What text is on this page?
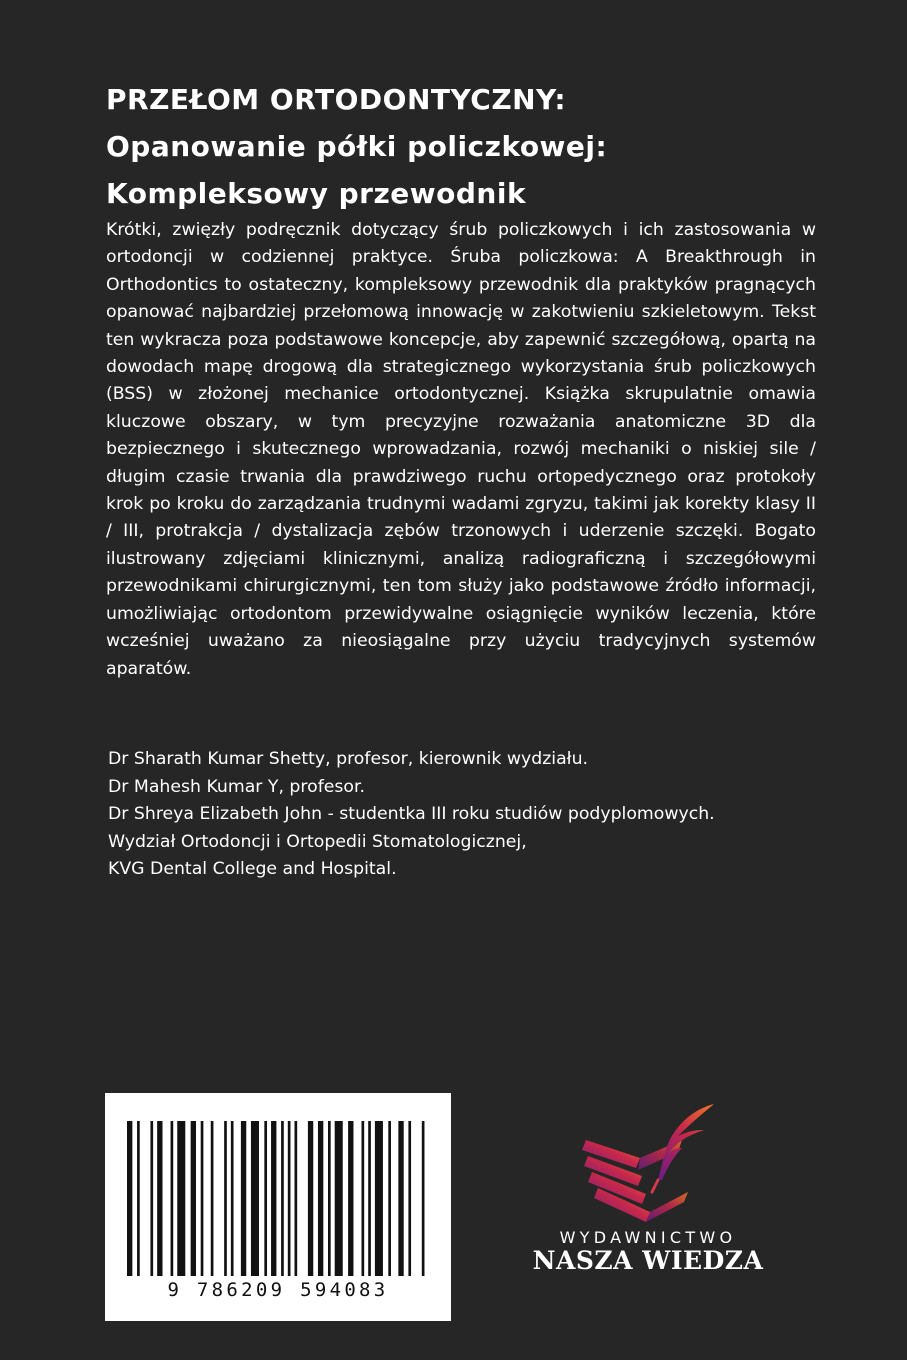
PRZEŁOM ORTODONTYCZNY:
Opanowanie półki policzkowej:
Kompleksowy przewodnik
Krótki, zwięzły podręcznik dotyczący śrub policzkowych i ich zastosowania w ortodoncji w codziennej praktyce. Śruba policzkowa: A Breakthrough in Orthodontics to ostateczny, kompleksowy przewodnik dla praktyków pragnących opanować najbardziej przełomową innowację w zakotwieniu szkieletowym. Tekst ten wykracza poza podstawowe koncepcje, aby zapewnić szczegółową, opartą na dowodach mapę drogową dla strategicznego wykorzystania śrub policzkowych (BSS) w złożonej mechanice ortodontycznej. Książka skrupulatnie omawia kluczowe obszary, w tym precyzyjne rozważania anatomiczne 3D dla bezpiecznego i skutecznego wprowadzania, rozwój mechaniki o niskiej sile / długim czasie trwania dla prawdziwego ruchu ortopedycznego oraz protokoły krok po kroku do zarządzania trudnymi wadami zgryzu, takimi jak korekty klasy II / III, protrakcja / dystalizacja zębów trzonowych i uderzenie szczęki. Bogato ilustrowany zdjęciami klinicznymi, analizą radiograficzną i szczegółowymi przewodnikami chirurgicznymi, ten tom służy jako podstawowe źródło informacji, umożliwiając ortodontom przewidywalne osiągnięcie wyników leczenia, które wcześniej uważano za nieosiągalne przy użyciu tradycyjnych systemów aparatów.
Dr Sharath Kumar Shetty, profesor, kierownik wydziału.
Dr Mahesh Kumar Y, profesor.
Dr Shreya Elizabeth John - studentka III roku studiów podyplomowych.
Wydział Ortodoncji i Ortopedii Stomatologicznej,
KVG Dental College and Hospital.
9 786209 594083
WYDAWNICTWO
NASZA WIEDZA
